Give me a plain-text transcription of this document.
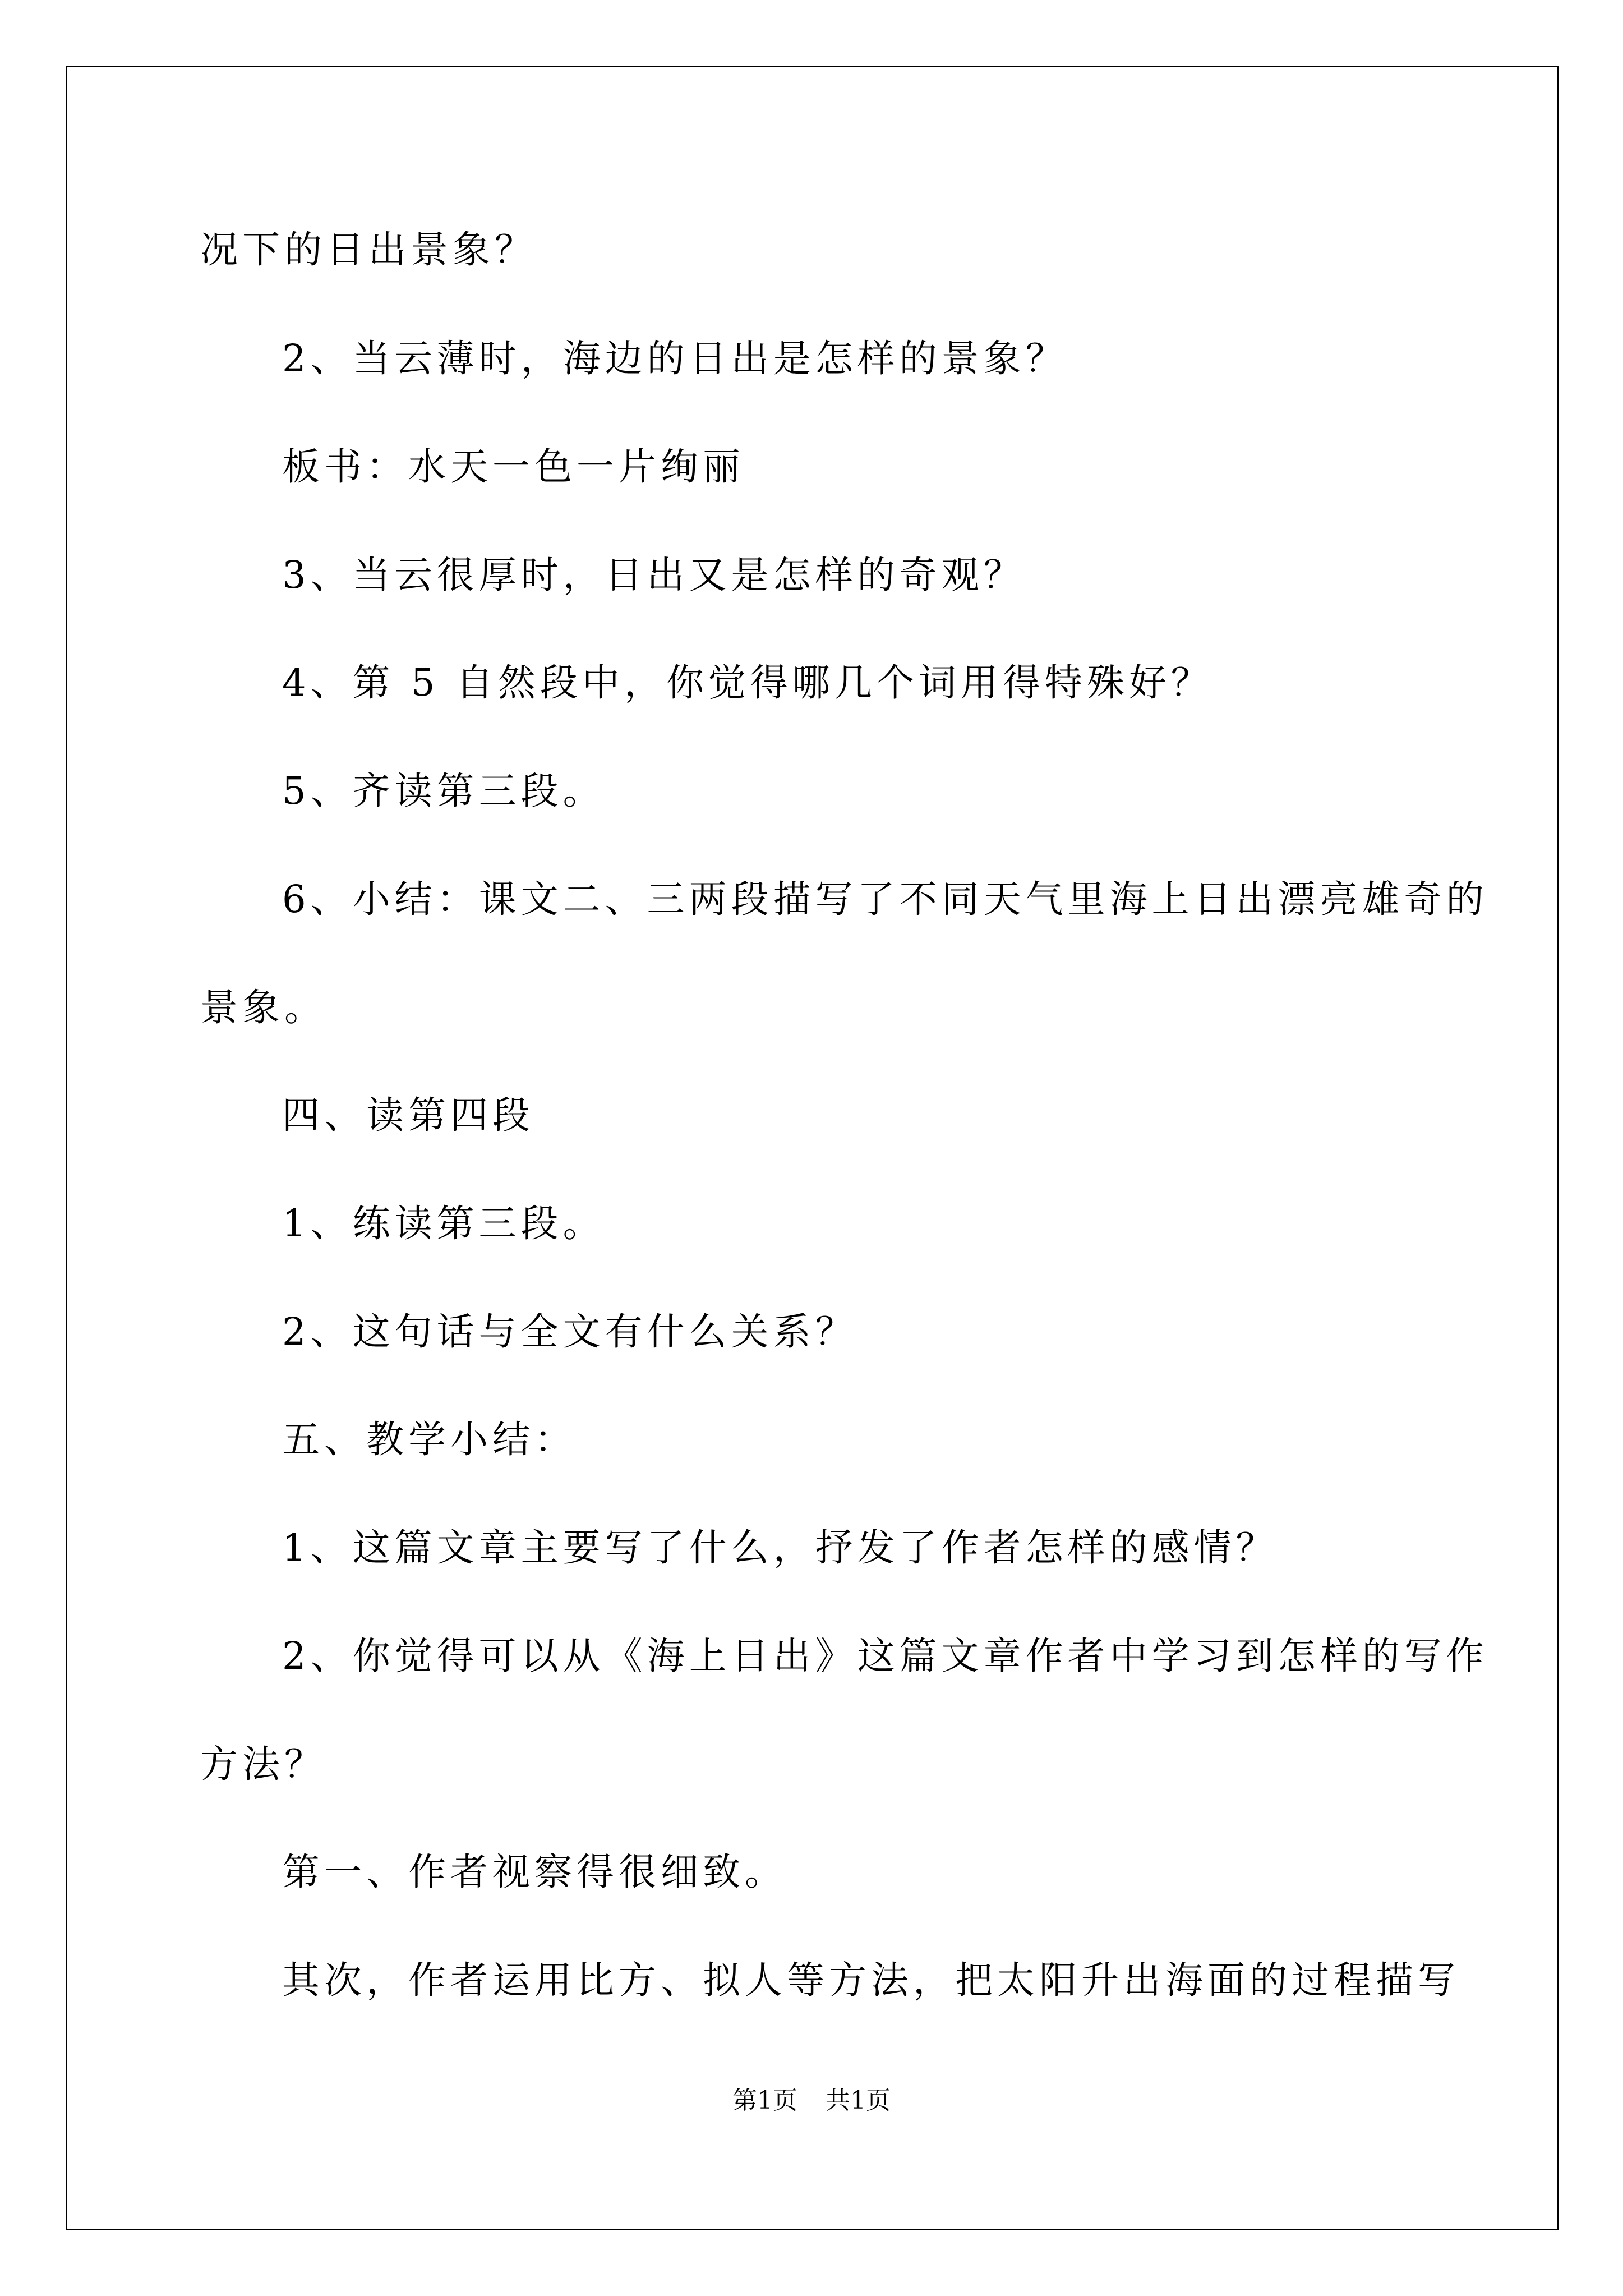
况下的日出景象？
2、当云薄时，海边的日出是怎样的景象？
板书：水天一色一片绚丽
3、当云很厚时，日出又是怎样的奇观？
4、第 5 自然段中，你觉得哪几个词用得特殊好？
5、齐读第三段。
6、小结：课文二、三两段描写了不同天气里海上日出漂亮雄奇的
景象。
四、读第四段
1、练读第三段。
2、这句话与全文有什么关系？
五、教学小结：
1、这篇文章主要写了什么，抒发了作者怎样的感情？
2、你觉得可以从《海上日出》这篇文章作者中学习到怎样的写作
方法？
第一、作者视察得很细致。
其次，作者运用比方、拟人等方法，把太阳升出海面的过程描写
第1页 共1页
